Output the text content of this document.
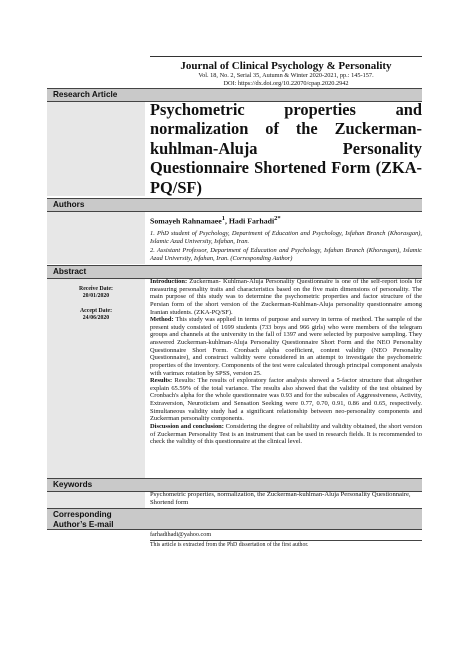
Journal of Clinical Psychology & Personality
Vol. 18, No. 2, Serial 35, Autumn & Winter 2020-2021, pp.: 145-157.
DOI: https://dx.doi.org/10.22070/cpap.2020.2942
Research Article
Psychometric properties and normalization of the Zuckerman-kuhlman-Aluja Personality Questionnaire Shortened Form (ZKA-PQ/SF)
Authors
Somayeh Rahnamaee$^1$, Hadi Farhadi$^{2*}$
1. PhD student of Psychology, Department of Education and Psychology, Isfahan Branch (Khorasgan), Islamic Azad University, Isfahan, Iran.
2. Assistant Professor, Department of Education and Psychology, Isfahan Branch (Khorasgan), Islamic Azad University, Isfahan, Iran. (Corresponding Author)
Abstract
Receive Date:
20/01/2020
Accept Date:
24/06/2020

Introduction: Zuckerman- Kuhlman-Aluja Personality Questionnaire is one of the self-report tools for measuring personality traits and characteristics based on the five main dimensions of personality. The main purpose of this study was to determine the psychometric properties and factor structure of the Persian form of the short version of the Zuckerman-Kuhlman-Aluja personality questionnaire among Iranian students. (ZKA-PQ/SF).

Method: This study was applied in terms of purpose and survey in terms of method. The sample of the present study consisted of 1699 students (733 boys and 966 girls) who were members of the telegram groups and channels at the university in the fall of 1397 and were selected by purposive sampling. They answered Zuckerman-kuhlman-Aluja Personality Questionnaire Short Form and the NEO Personality Questionnaire Short Form. Cronbach alpha coefficient, content validity (NEO Personality Questionnaire), and construct validity were considered in an attempt to investigate the psychometric properties of the inventory. Components of the test were calculated through principal component analysis with varimax rotation by SPSS, version 25.

Results: Results: The results of exploratory factor analysis showed a 5-factor structure that altogether explain 65.59% of the total variance. The results also showed that the validity of the test obtained by Cronbach's alpha for the whole questionnaire was 0.93 and for the subscales of Aggressiveness, Activity, Extraversion, Neuroticism and Sensation Seeking were 0.77, 0.70, 0.91, 0.86 and 0.65, respectively. Simultaneous validity study had a significant relationship between neo-personality components and Zuckerman personality components.

Discussion and conclusion: Considering the degree of reliability and validity obtained, the short version of Zuckerman Personality Test is an instrument that can be used in research fields. It is recommended to check the validity of this questionnaire at the clinical level.

Keywords
Psychometric properties, normalization, the Zuckerman-kuhlman-Aluja Personality Questionnaire, Shortend form
Corresponding Author’s E-mail
farhadihadi@yahoo.com
This article is extracted from the PhD dissertation of the first author.
